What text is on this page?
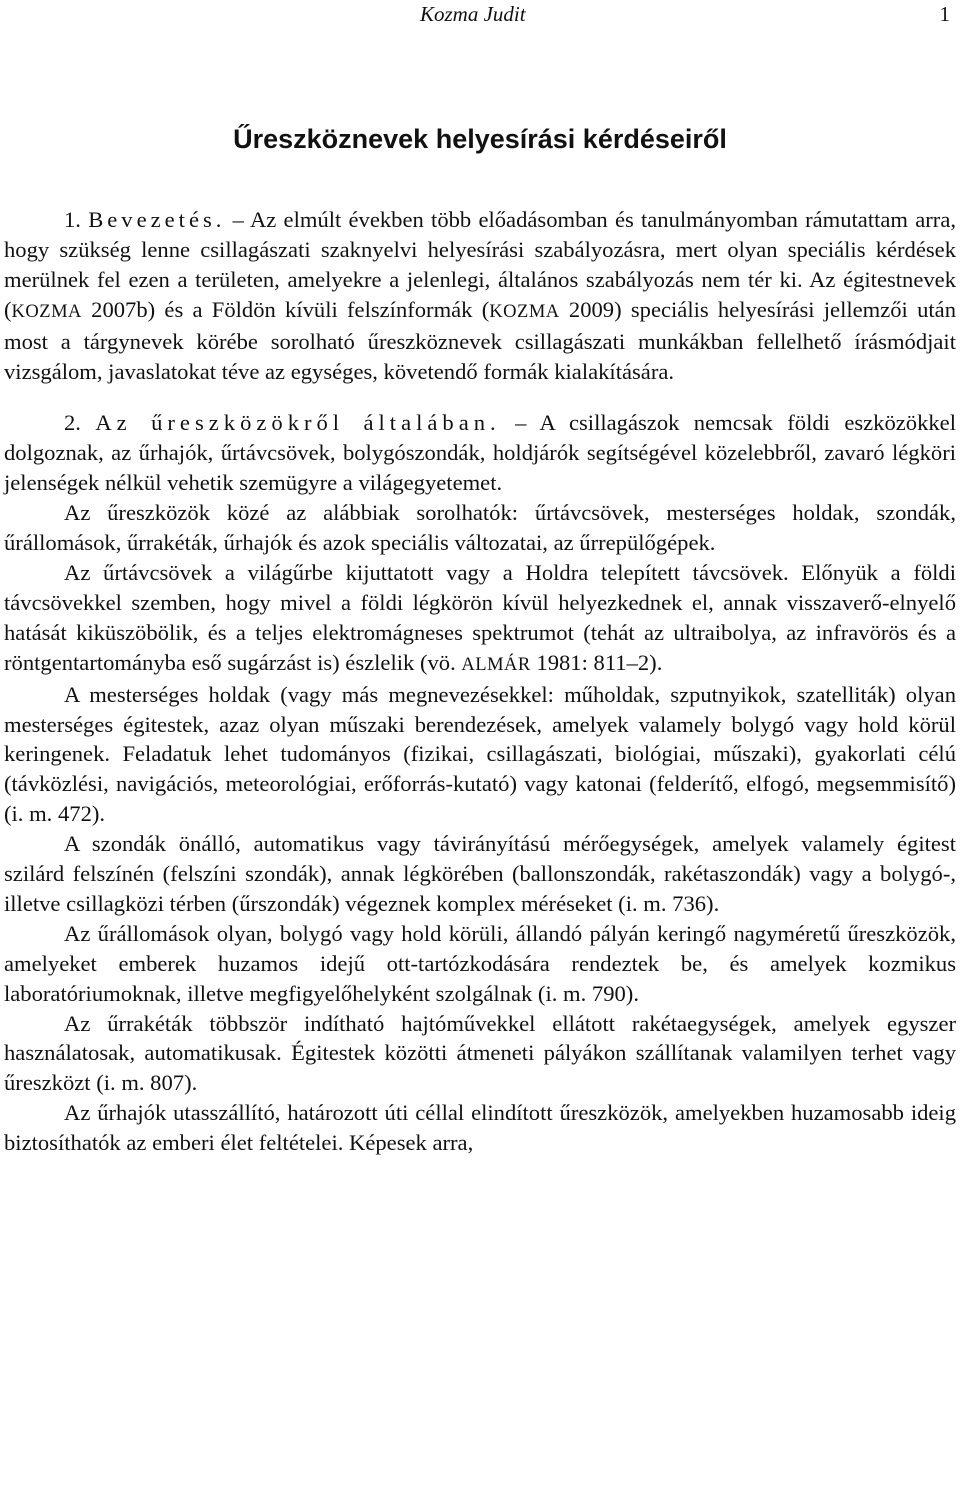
Kozma Judit	1
Űreszköznevek helyesírási kérdéseiről

1. Bevezetés. – Az elmúlt években több előadásomban és tanulmányomban rámutattam arra, hogy szükség lenne csillagászati szaknyelvi helyesírási szabályozásra, mert olyan speciális kérdések merülnek fel ezen a területen, amelyekre a jelenlegi, általános szabályozás nem tér ki. Az égitestnevek (KOZMA 2007b) és a Földön kívüli felszínformák (KOZMA 2009) speciális helyesírási jellemzői után most a tárgynevek körébe sorolható űreszköznevek csillagászati munkákban fellelhető írásmódjait vizsgálom, javaslatokat téve az egységes, követendő formák kialakítására.

2. Az űreszközökről általában. – A csillagászok nemcsak földi eszközökkel dolgoznak, az űrhajók, űrtávcsövek, bolygószondák, holdjárók segítségével közelebbről, zavaró légköri jelenségek nélkül vehetik szemügyre a világegyetemet.

Az űreszközök közé az alábbiak sorolhatók: űrtávcsövek, mesterséges holdak, szondák, űrállomások, űrrakéták, űrhajók és azok speciális változatai, az űrrepülőgépek.

Az űrtávcsövek a világűrbe kijuttatott vagy a Holdra telepített távcsövek. Előnyük a földi távcsövekkel szemben, hogy mivel a földi légkörön kívül helyezkednek el, annak visszaverő-elnyelő hatását kiküszöbölik, és a teljes elektromágneses spektrumot (tehát az ultraibolya, az infravörös és a röntgentartományba eső sugárzást is) észlelik (vö. ALMÁR 1981: 811–2).

A mesterséges holdak (vagy más megnevezésekkel: műholdak, szputnyikok, szatelliták) olyan mesterséges égitestek, azaz olyan műszaki berendezések, amelyek valamely bolygó vagy hold körül keringenek. Feladatuk lehet tudományos (fizikai, csillagászati, biológiai, műszaki), gyakorlati célú (távközlési, navigációs, meteorológiai, erőforrás-kutató) vagy katonai (felderítő, elfogó, megsemmisítő) (i. m. 472).

A szondák önálló, automatikus vagy távirányítású mérőegységek, amelyek valamely égitest szilárd felszínén (felszíni szondák), annak légkörében (ballonszondák, rakétaszondák) vagy a bolygó-, illetve csillagközi térben (űrszondák) végeznek komplex méréseket (i. m. 736).

Az űrállomások olyan, bolygó vagy hold körüli, állandó pályán keringő nagyméretű űreszközök, amelyeket emberek huzamos idejű ott-tartózkodására rendeztek be, és amelyek kozmikus laboratóriumoknak, illetve megfigyelőhelyként szolgálnak (i. m. 790).

Az űrrakéták többször indítható hajtóművekkel ellátott rakétaegységek, amelyek egyszer használatosak, automatikusak. Égitestek közötti átmeneti pályákon szállítanak valamilyen terhet vagy űreszközt (i. m. 807).

Az űrhajók utasszállító, határozott úti céllal elindított űreszközök, amelyekben huzamosabb ideig biztosíthatók az emberi élet feltételei. Képesek arra,
